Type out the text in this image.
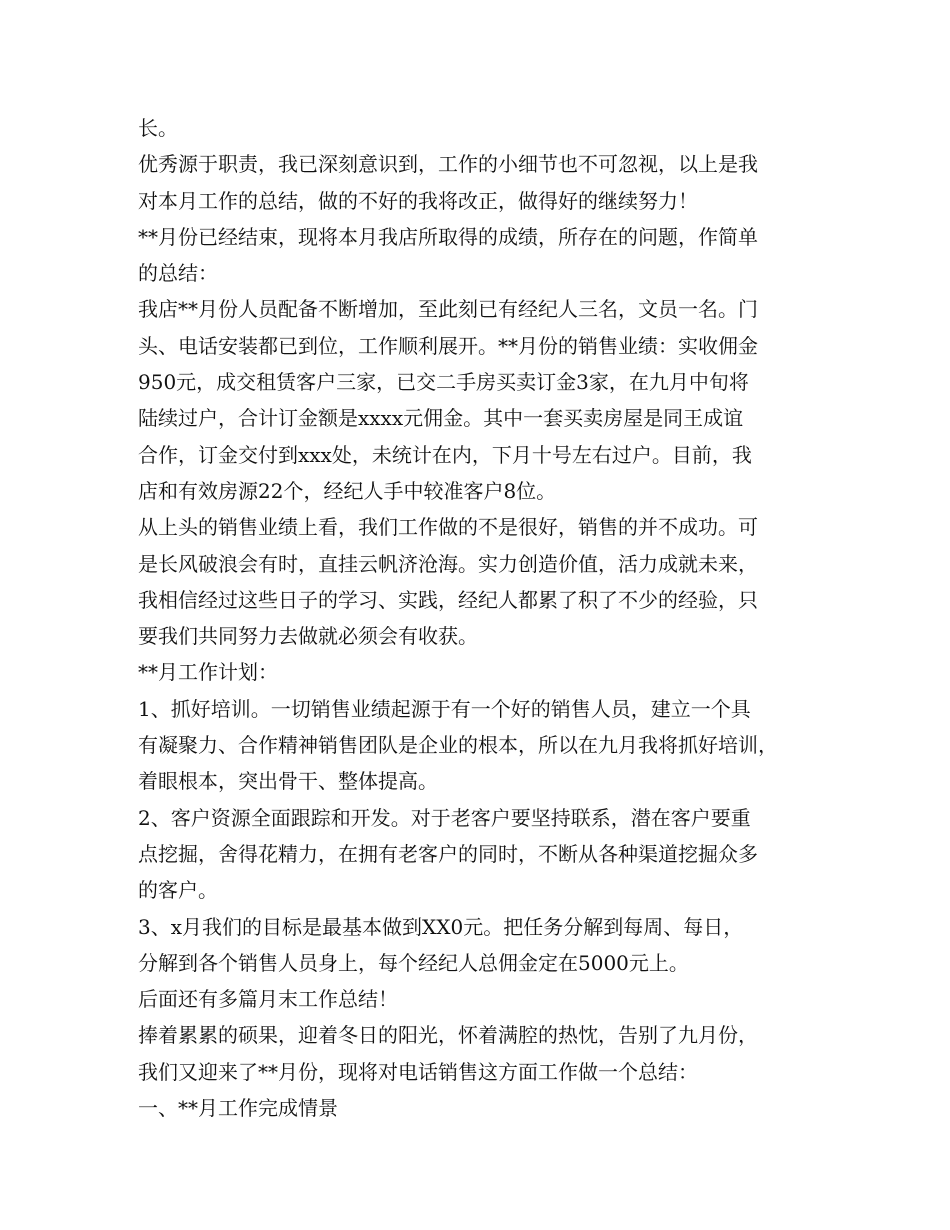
长。
优秀源于职责，我已深刻意识到，工作的小细节也不可忽视，以上是我
对本月工作的总结，做的不好的我将改正，做得好的继续努力！
**月份已经结束，现将本月我店所取得的成绩，所存在的问题，作简单
的总结：
我店**月份人员配备不断增加，至此刻已有经纪人三名，文员一名。门
头、电话安装都已到位，工作顺利展开。**月份的销售业绩：实收佣金
950元，成交租赁客户三家，已交二手房买卖订金3家，在九月中旬将
陆续过户，合计订金额是xxxx元佣金。其中一套买卖房屋是同王成谊
合作，订金交付到xxx处，未统计在内，下月十号左右过户。目前，我
店和有效房源22个，经纪人手中较准客户8位。
从上头的销售业绩上看，我们工作做的不是很好，销售的并不成功。可
是长风破浪会有时，直挂云帆济沧海。实力创造价值，活力成就未来，
我相信经过这些日子的学习、实践，经纪人都累了积了不少的经验，只
要我们共同努力去做就必须会有收获。
**月工作计划：
1、抓好培训。一切销售业绩起源于有一个好的销售人员，建立一个具
有凝聚力、合作精神销售团队是企业的根本，所以在九月我将抓好培训，
着眼根本，突出骨干、整体提高。
2、客户资源全面跟踪和开发。对于老客户要坚持联系，潜在客户要重
点挖掘，舍得花精力，在拥有老客户的同时，不断从各种渠道挖掘众多
的客户。
3、x月我们的目标是最基本做到XX0元。把任务分解到每周、每日，
分解到各个销售人员身上，每个经纪人总佣金定在5000元上。
后面还有多篇月末工作总结！
捧着累累的硕果，迎着冬日的阳光，怀着满腔的热忱，告别了九月份，
我们又迎来了**月份，现将对电话销售这方面工作做一个总结：
一、**月工作完成情景
